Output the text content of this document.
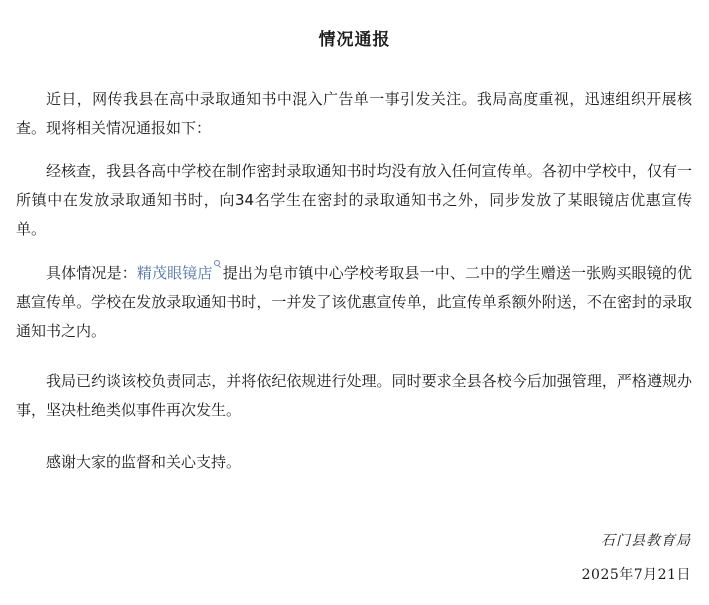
情况通报

近日，网传我县在高中录取通知书中混入广告单一事引发关注。我局高度重视，迅速组织开展核查。现将相关情况通报如下：

经核查，我县各高中学校在制作密封录取通知书时均没有放入任何宣传单。各初中学校中，仅有一所镇中在发放录取通知书时，向34名学生在密封的录取通知书之外，同步发放了某眼镜店优惠宣传单。

具体情况是：精茂眼镜店 提出为皂市镇中心学校考取县一中、二中的学生赠送一张购买眼镜的优惠宣传单。学校在发放录取通知书时，一并发了该优惠宣传单，此宣传单系额外附送，不在密封的录取通知书之内。

我局已约谈该校负责同志，并将依纪依规进行处理。同时要求全县各校今后加强管理，严格遵规办事，坚决杜绝类似事件再次发生。

感谢大家的监督和关心支持。

石门县教育局
2025年7月21日
